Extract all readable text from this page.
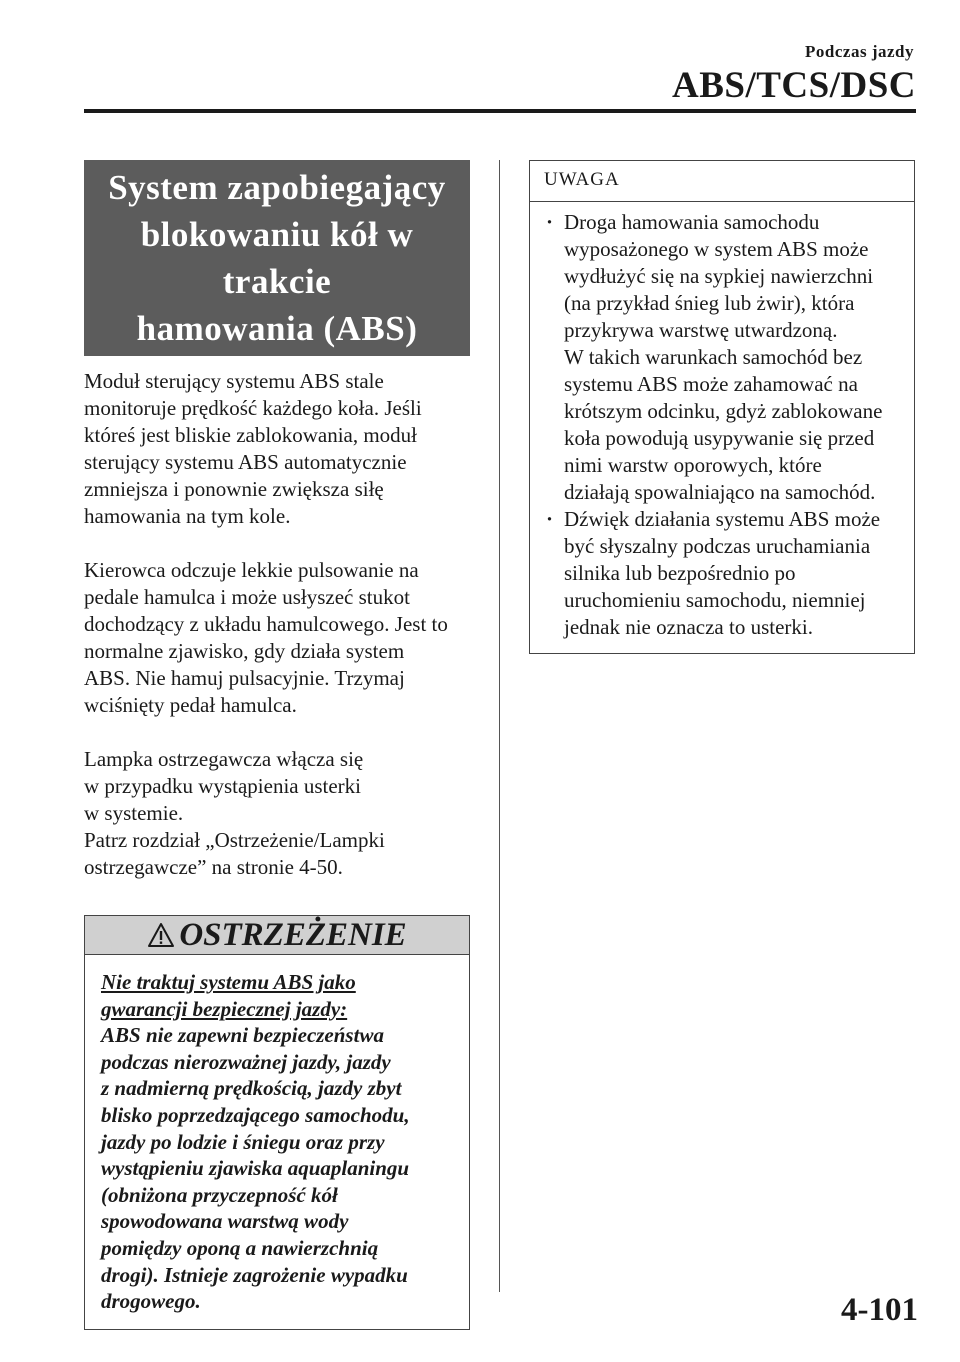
Podczas jazdy
ABS/TCS/DSC
System zapobiegający
blokowaniu kół w trakcie
hamowania (ABS)
Moduł sterujący systemu ABS stale
monitoruje prędkość każdego koła. Jeśli
któreś jest bliskie zablokowania, moduł
sterujący systemu ABS automatycznie
zmniejsza i ponownie zwiększa siłę
hamowania na tym kole.
Kierowca odczuje lekkie pulsowanie na
pedale hamulca i może usłyszeć stukot
dochodzący z układu hamulcowego. Jest to
normalne zjawisko, gdy działa system
ABS. Nie hamuj pulsacyjnie. Trzymaj
wciśnięty pedał hamulca.
Lampka ostrzegawcza włącza się
w przypadku wystąpienia usterki
w systemie.
Patrz rozdział „Ostrzeżenie/Lampki
ostrzegawcze” na stronie 4-50.
OSTRZEŻENIE
Nie traktuj systemu ABS jako
gwarancji bezpiecznej jazdy:
ABS nie zapewni bezpieczeństwa
podczas nierozważnej jazdy, jazdy
z nadmierną prędkością, jazdy zbyt
blisko poprzedzającego samochodu,
jazdy po lodzie i śniegu oraz przy
wystąpieniu zjawiska aquaplaningu
(obniżona przyczepność kół
spowodowana warstwą wody
pomiędzy oponą a nawierzchnią
drogi). Istnieje zagrożenie wypadku
drogowego.
UWAGA
· Droga hamowania samochodu
wyposażonego w system ABS może
wydłużyć się na sypkiej nawierzchni
(na przykład śnieg lub żwir), która
przykrywa warstwę utwardzoną.
W takich warunkach samochód bez
systemu ABS może zahamować na
krótszym odcinku, gdyż zablokowane
koła powodują usypywanie się przed
nimi warstw oporowych, które
działają spowalniająco na samochód.
· Dźwięk działania systemu ABS może
być słyszalny podczas uruchamiania
silnika lub bezpośrednio po
uruchomieniu samochodu, niemniej
jednak nie oznacza to usterki.
4-101
